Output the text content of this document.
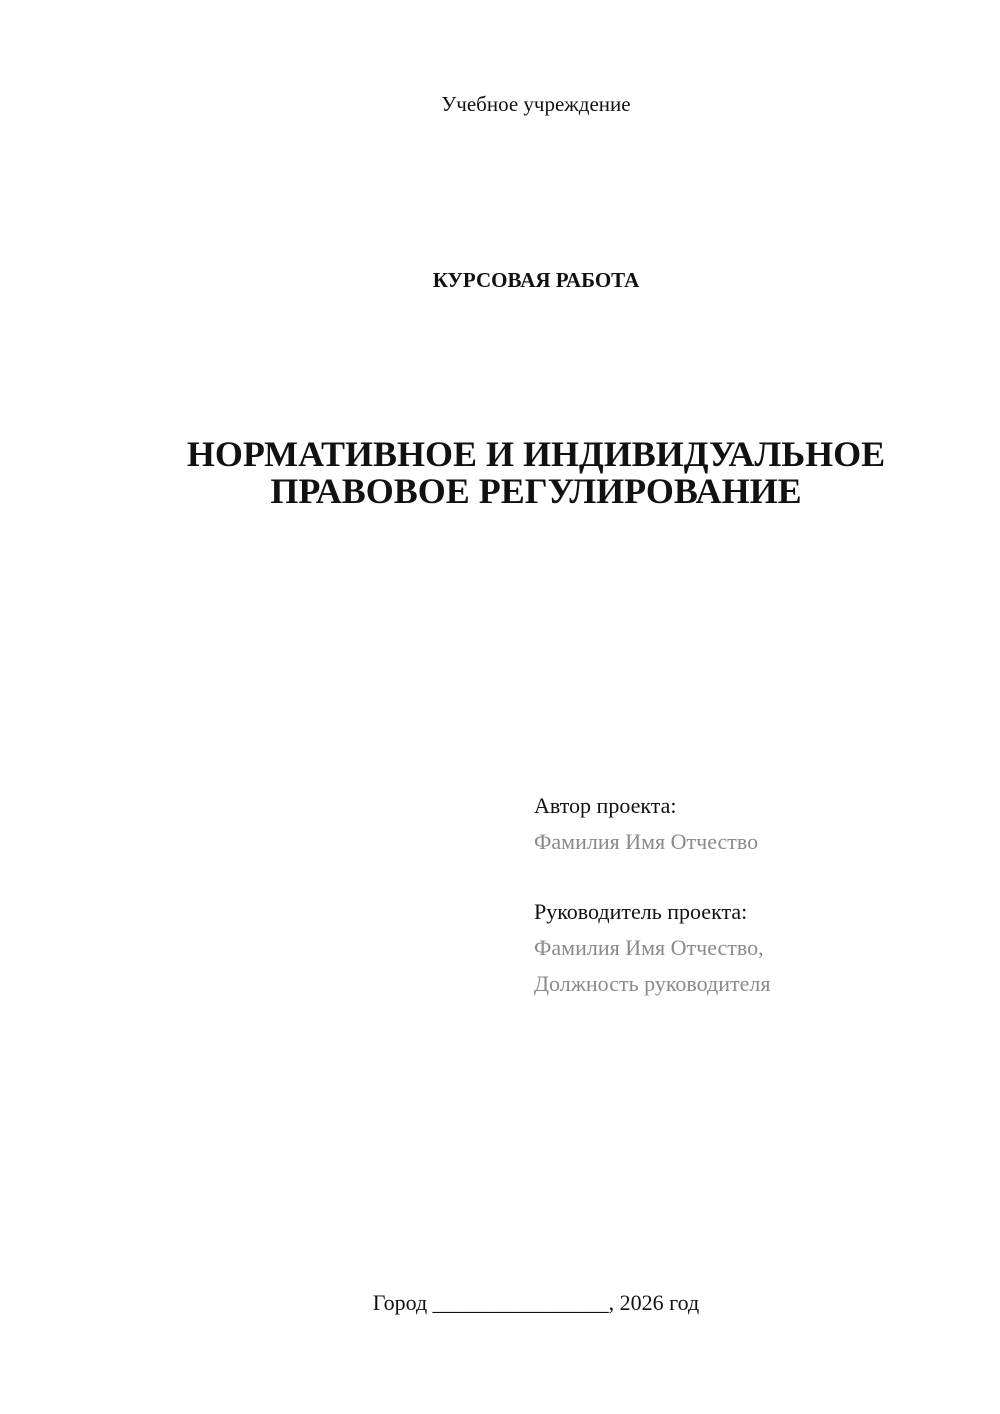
Учебное учреждение
КУРСОВАЯ РАБОТА
НОРМАТИВНОЕ И ИНДИВИДУАЛЬНОЕ
ПРАВОВОЕ РЕГУЛИРОВАНИЕ
Автор проекта:
Фамилия Имя Отчество
Руководитель проекта:
Фамилия Имя Отчество,
Должность руководителя
Город ________________, 2026 год
